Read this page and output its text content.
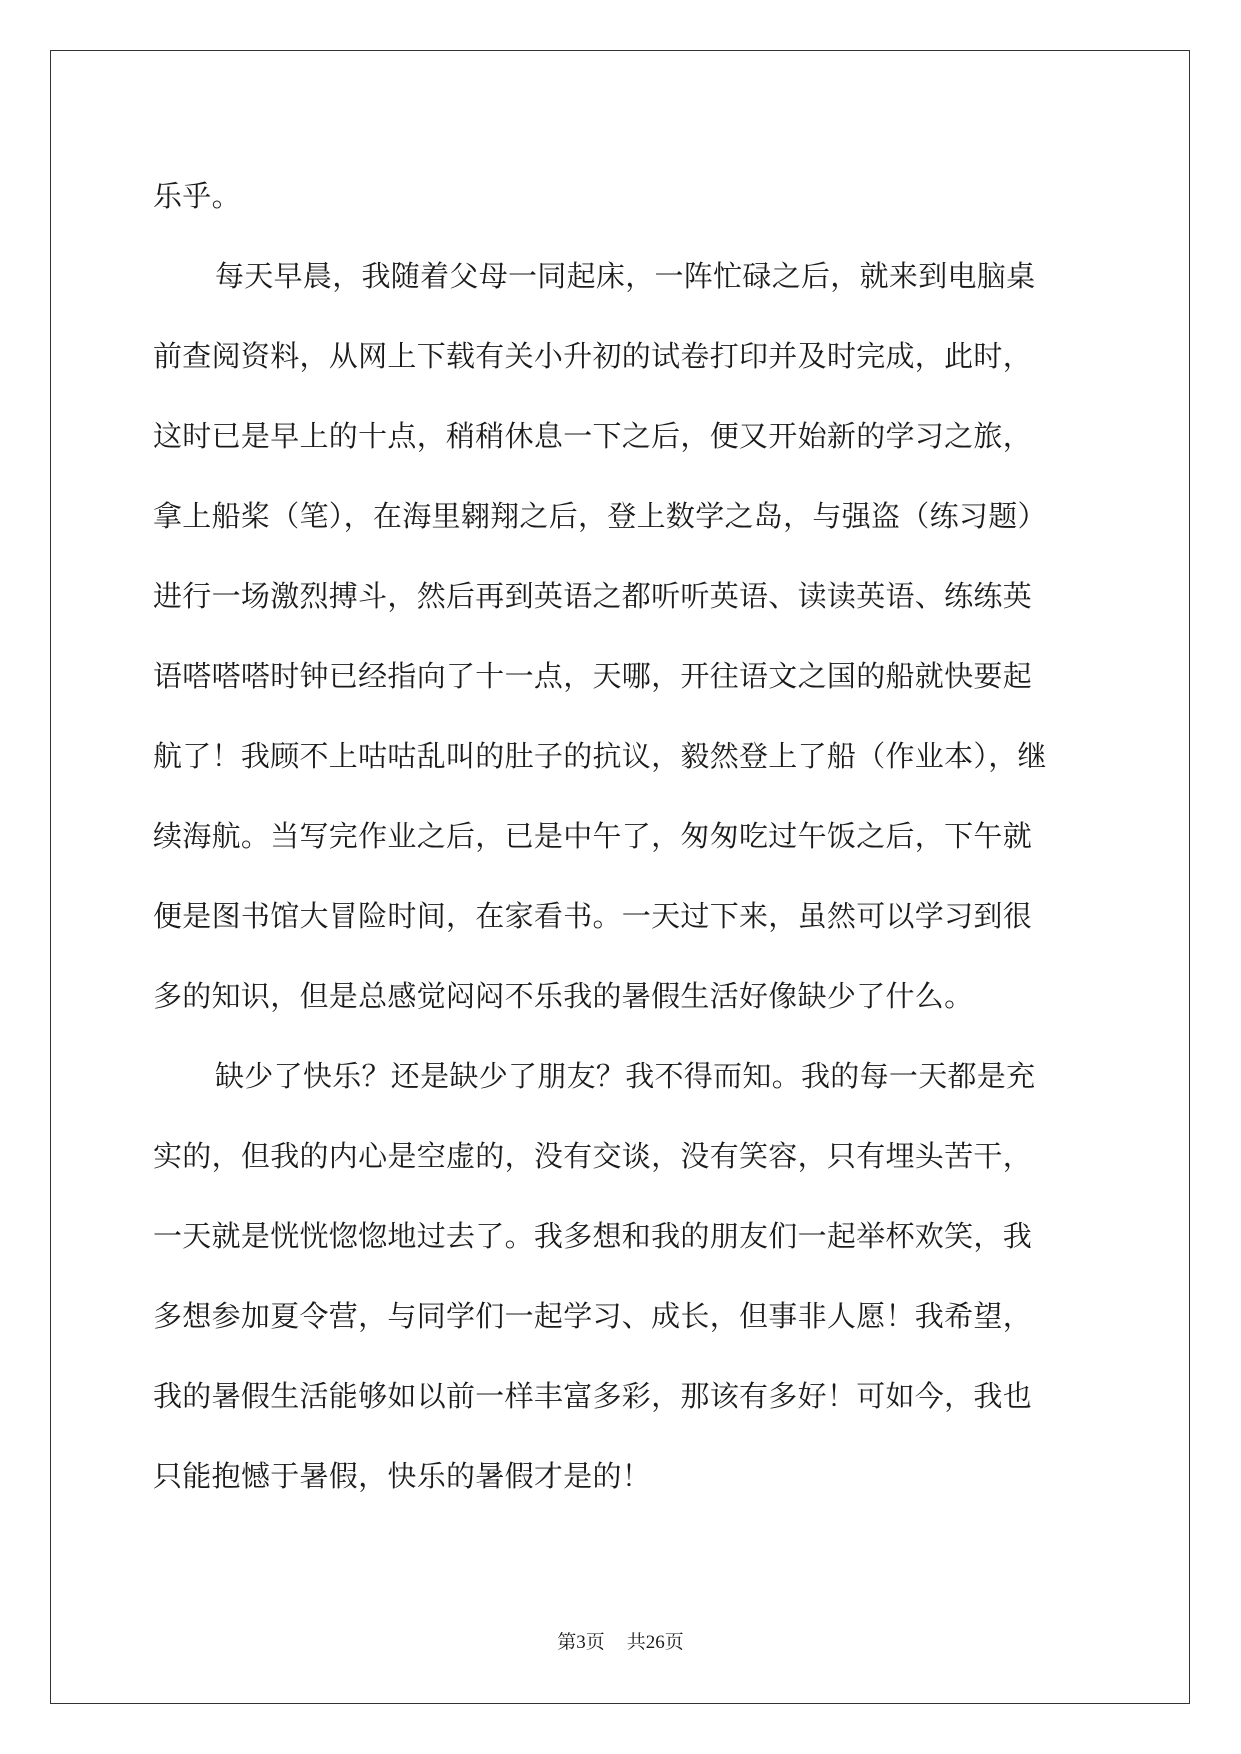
乐乎。
每天早晨，我随着父母一同起床，一阵忙碌之后，就来到电脑桌
前查阅资料，从网上下载有关小升初的试卷打印并及时完成，此时，
这时已是早上的十点，稍稍休息一下之后，便又开始新的学习之旅，
拿上船桨（笔），在海里翱翔之后，登上数学之岛，与强盗（练习题）
进行一场激烈搏斗，然后再到英语之都听听英语、读读英语、练练英
语嗒嗒嗒时钟已经指向了十一点，天哪，开往语文之国的船就快要起
航了！我顾不上咕咕乱叫的肚子的抗议，毅然登上了船（作业本），继
续海航。当写完作业之后，已是中午了，匆匆吃过午饭之后，下午就
便是图书馆大冒险时间，在家看书。一天过下来，虽然可以学习到很
多的知识，但是总感觉闷闷不乐我的暑假生活好像缺少了什么。
缺少了快乐？还是缺少了朋友？我不得而知。我的每一天都是充
实的，但我的内心是空虚的，没有交谈，没有笑容，只有埋头苦干，
一天就是恍恍惚惚地过去了。我多想和我的朋友们一起举杯欢笑，我
多想参加夏令营，与同学们一起学习、成长，但事非人愿！我希望，
我的暑假生活能够如以前一样丰富多彩，那该有多好！可如今，我也
只能抱憾于暑假，快乐的暑假才是的！
第3页 共26页
